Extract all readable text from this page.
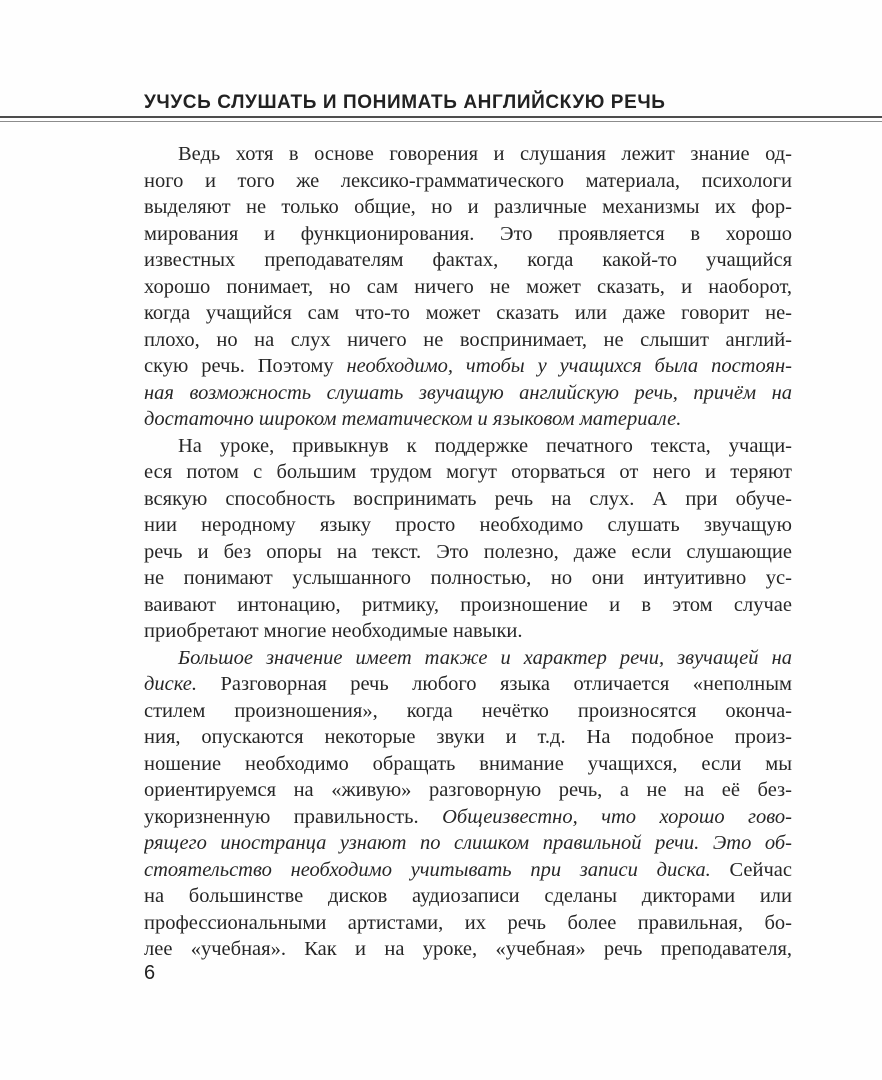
УЧУСЬ СЛУШАТЬ И ПОНИМАТЬ АНГЛИЙСКУЮ РЕЧЬ
Ведь хотя в основе говорения и слушания лежит знание од-
ного и того же лексико-грамматического материала, психологи
выделяют не только общие, но и различные механизмы их фор-
мирования и функционирования. Это проявляется в хорошо
известных преподавателям фактах, когда какой-то учащийся
хорошо понимает, но сам ничего не может сказать, и наоборот,
когда учащийся сам что-то может сказать или даже говорит не-
плохо, но на слух ничего не воспринимает, не слышит англий-
скую речь. Поэтому необходимо, чтобы у учащихся была постоян-
ная возможность слушать звучащую английскую речь, причём на
достаточно широком тематическом и языковом материале.
На уроке, привыкнув к поддержке печатного текста, учащи-
еся потом с большим трудом могут оторваться от него и теряют
всякую способность воспринимать речь на слух. А при обуче-
нии неродному языку просто необходимо слушать звучащую
речь и без опоры на текст. Это полезно, даже если слушающие
не понимают услышанного полностью, но они интуитивно ус-
ваивают интонацию, ритмику, произношение и в этом случае
приобретают многие необходимые навыки.
Большое значение имеет также и характер речи, звучащей на
диске. Разговорная речь любого языка отличается «неполным
стилем произношения», когда нечётко произносятся оконча-
ния, опускаются некоторые звуки и т.д. На подобное произ-
ношение необходимо обращать внимание учащихся, если мы
ориентируемся на «живую» разговорную речь, а не на её без-
укоризненную правильность. Общеизвестно, что хорошо гово-
рящего иностранца узнают по слишком правильной речи. Это об-
стоятельство необходимо учитывать при записи диска. Сейчас
на большинстве дисков аудиозаписи сделаны дикторами или
профессиональными артистами, их речь более правильная, бо-
лее «учебная». Как и на уроке, «учебная» речь преподавателя,
6
